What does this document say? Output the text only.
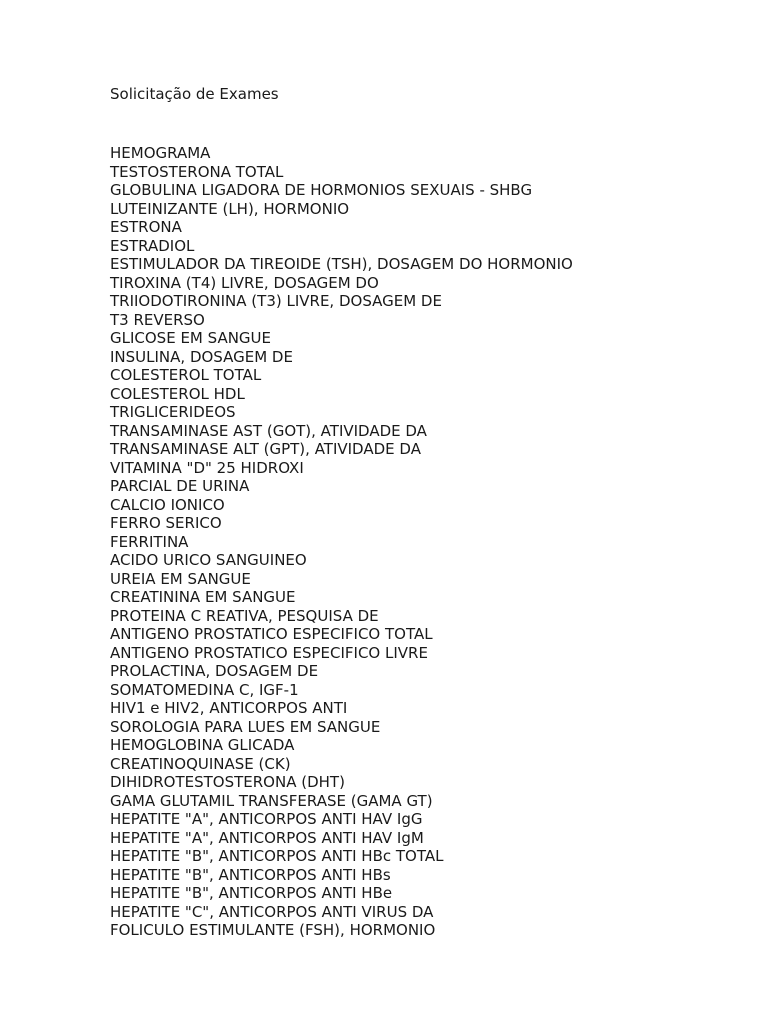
Solicitação de Exames
HEMOGRAMA
TESTOSTERONA TOTAL
GLOBULINA LIGADORA DE HORMONIOS SEXUAIS - SHBG
LUTEINIZANTE (LH), HORMONIO
ESTRONA
ESTRADIOL
ESTIMULADOR DA TIREOIDE (TSH), DOSAGEM DO HORMONIO
TIROXINA (T4) LIVRE, DOSAGEM DO
TRIIODOTIRONINA (T3) LIVRE, DOSAGEM DE
T3 REVERSO
GLICOSE EM SANGUE
INSULINA, DOSAGEM DE
COLESTEROL TOTAL
COLESTEROL HDL
TRIGLICERIDEOS
TRANSAMINASE AST (GOT), ATIVIDADE DA
TRANSAMINASE ALT (GPT), ATIVIDADE DA
VITAMINA "D" 25 HIDROXI
PARCIAL DE URINA
CALCIO IONICO
FERRO SERICO
FERRITINA
ACIDO URICO SANGUINEO
UREIA EM SANGUE
CREATININA EM SANGUE
PROTEINA C REATIVA, PESQUISA DE
ANTIGENO PROSTATICO ESPECIFICO TOTAL
ANTIGENO PROSTATICO ESPECIFICO LIVRE
PROLACTINA, DOSAGEM DE
SOMATOMEDINA C, IGF-1
HIV1 e HIV2, ANTICORPOS ANTI
SOROLOGIA PARA LUES EM SANGUE
HEMOGLOBINA GLICADA
CREATINOQUINASE (CK)
DIHIDROTESTOSTERONA (DHT)
GAMA GLUTAMIL TRANSFERASE (GAMA GT)
HEPATITE "A", ANTICORPOS ANTI HAV IgG
HEPATITE "A", ANTICORPOS ANTI HAV IgM
HEPATITE "B", ANTICORPOS ANTI HBc TOTAL
HEPATITE "B", ANTICORPOS ANTI HBs
HEPATITE "B", ANTICORPOS ANTI HBe
HEPATITE "C", ANTICORPOS ANTI VIRUS DA
FOLICULO ESTIMULANTE (FSH), HORMONIO
